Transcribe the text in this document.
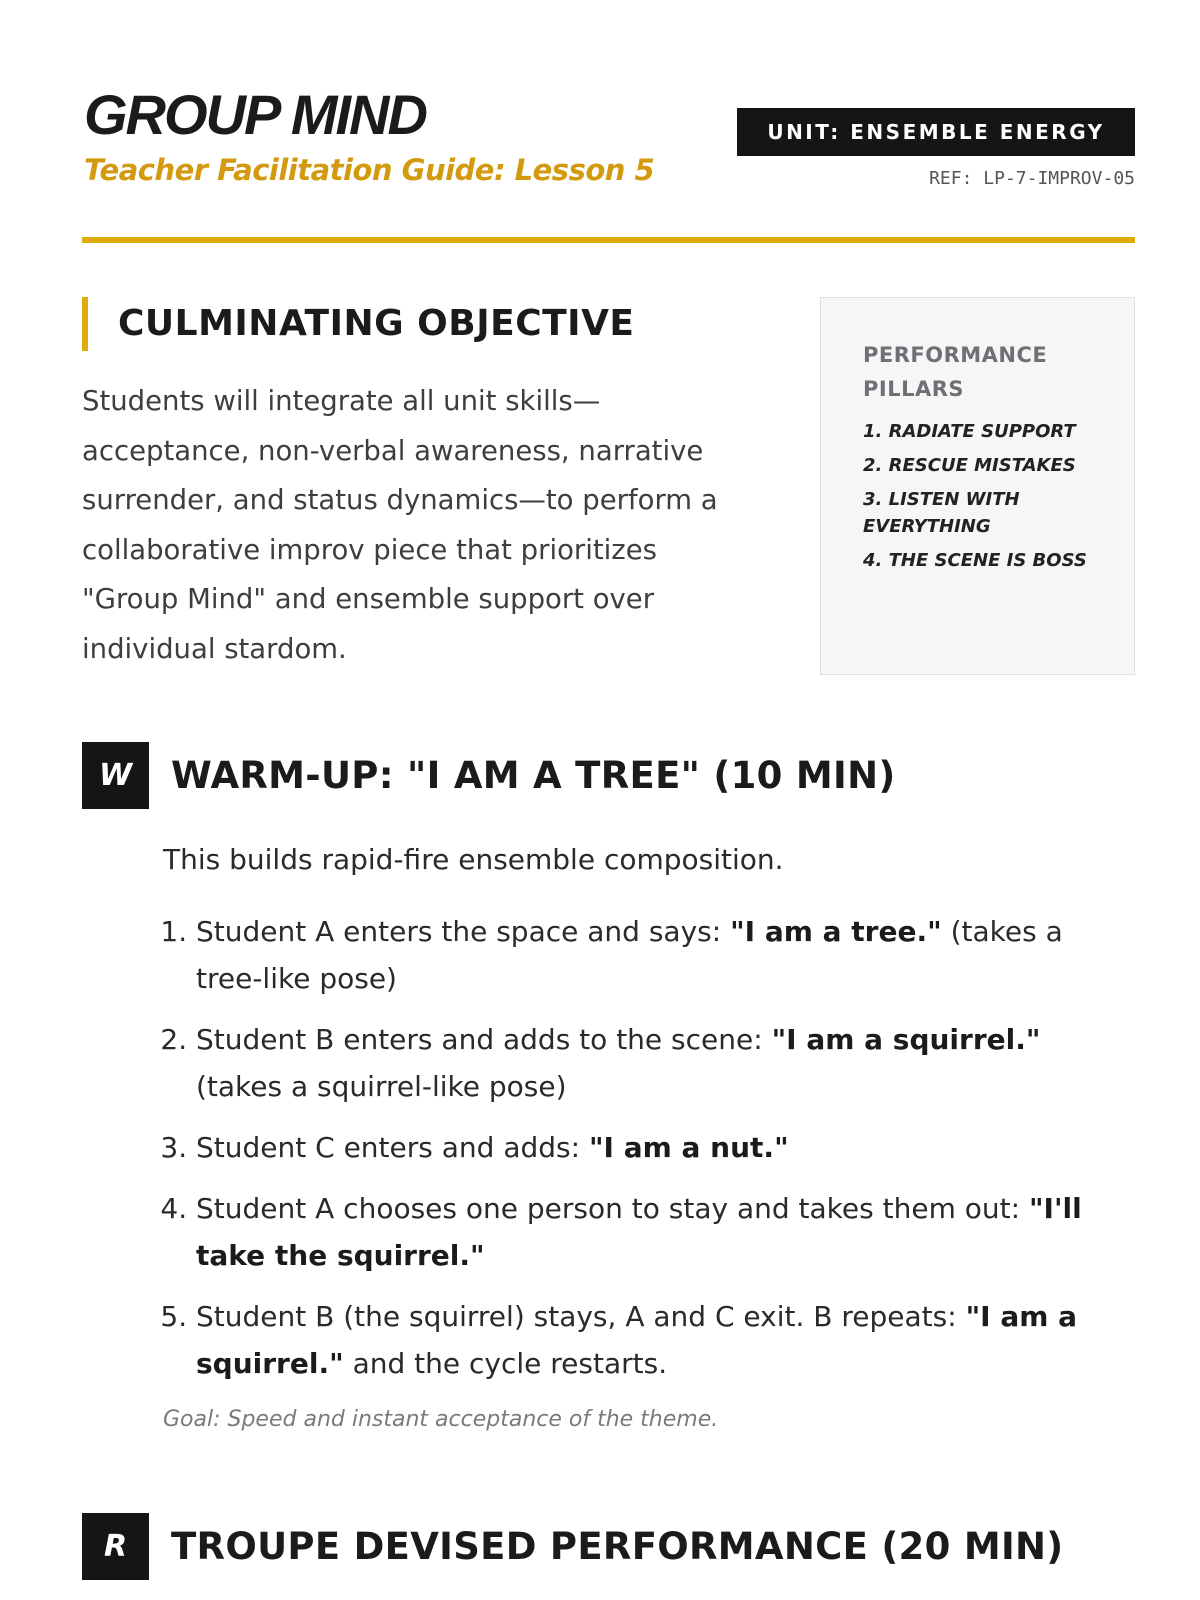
GROUP MIND
Teacher Facilitation Guide: Lesson 5
UNIT: ENSEMBLE ENERGY
REF: LP-7-IMPROV-05
CULMINATING OBJECTIVE

Students will integrate all unit skills—acceptance, non-verbal awareness, narrative surrender, and status dynamics—to perform a collaborative improv piece that prioritizes "Group Mind" and ensemble support over individual stardom.

PERFORMANCE PILLARS
1. RADIATE SUPPORT
2. RESCUE MISTAKES
3. LISTEN WITH EVERYTHING
4. THE SCENE IS BOSS
W	WARM-UP: "I AM A TREE" (10 MIN)

This builds rapid-fire ensemble composition.

1. Student A enters the space and says: "I am a tree." (takes a tree-like pose)
2. Student B enters and adds to the scene: "I am a squirrel." (takes a squirrel-like pose)
3. Student C enters and adds: "I am a nut."
4. Student A chooses one person to stay and takes them out: "I'll take the squirrel."
5. Student B (the squirrel) stays, A and C exit. B repeats: "I am a squirrel." and the cycle restarts.

Goal: Speed and instant acceptance of the theme.

R	TROUPE DEVISED PERFORMANCE (20 MIN)
